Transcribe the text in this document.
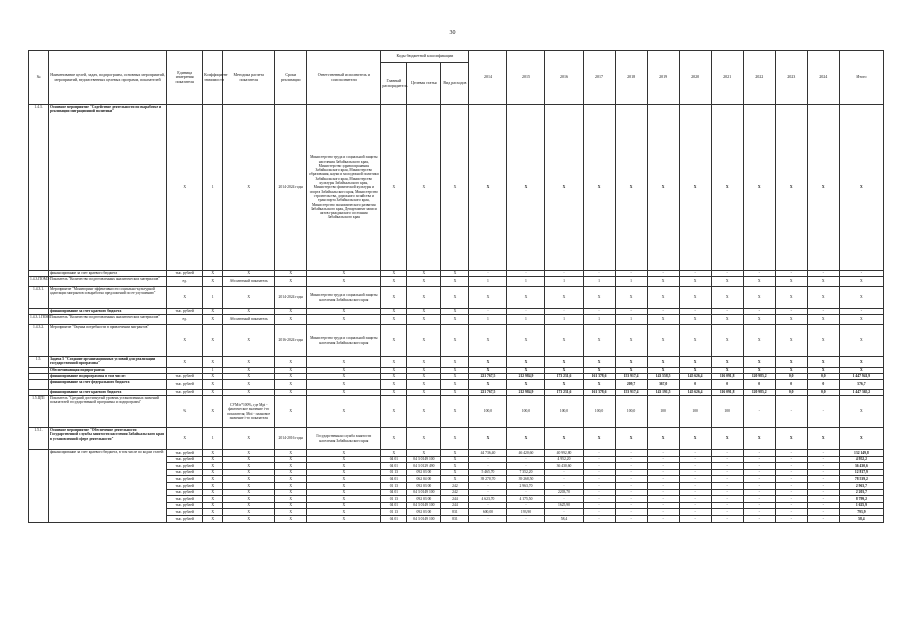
30
№	Наименование целей, задач, подпрограмм, основных мероприятий, мероприятий, ведомственных целевых программ, показателей	Единица измерения показателя	Коэффициент значимости	Методика расчета показателя	Сроки реализации	Ответственный исполнитель и соисполнители	Коды бюджетной классификации			2014	2015	2016	2017	2018	2019	2020	2021	2022	2023	2024	Итого
							Главный распорядитель	Целевая статья	Вид расходов												
1.4.3.	Основное мероприятие "Содействие деятельности по выработке и реализации миграционной политики"	X	1	X	2014-2024 годы	Министерство труда и социальной защиты населения Забайкальского края, Министерство здравоохранения Забайкальского края, Министерство образования, науки и молодежной политики Забайкальского края, Министерство культуры Забайкальского края, Министерство физической культуры и спорта Забайкальского края, Министерство строительства, дорожного хозяйства и транспорта Забайкальского края, Министерство экономического развития Забайкальского края, Департамент записи актов гражданского состояния Забайкальского края	X	X	X	X	X	X	X	X	X	X	X	X	X	X	X
	финансирование за счет краевого бюджета	тыс. рублей	X	X	X	X	X	X	X	-	-	-	-	-	-	-	-	-	-	-	-
1.4.3.ПОМЭ	Показатель "Количество подготовленных аналитических материалов"	ед.	X	Абсолютный показатель	X	X	X	X	X	1	1	1	1	1	X	X	X	X	X	X	X
1.4.3.1.	Мероприятие "Мониторинг эффективности социально-культурной адаптации мигрантов и выработка предложений по ее улучшению"	X	1	X	2014-2024 годы	Министерство труда и социальной защиты населения Забайкальского края	X	X	X	X	X	X	X	X	X	X	X	X	X	X	X
	финансирование за счет краевого бюджета	тыс. рублей	X	X	X	X	X	X	X	-	-	-	-	-	-	-	-	-	-	-	-
1.4.3.1.ПОМ	Показатель "Количество подготовленных аналитических материалов"	ед.	X	Абсолютный показатель	X	X	X	X	X	1	1	1	1	1	X	X	X	X	X	X	X
1.4.3.2.	Мероприятие "Оценка потребности в привлечении мигрантов"	X	X	X	2016-2024 годы	Министерство труда и социальной защиты населения Забайкальского края	X	X	X	X	X	X	X	X	X	X	X	X	X	X	X
1.5.	Задача 5 "Создание организационных условий для реализации государственной программы"	X	X	X	X	X	X	X	X	X	X	X	X	X	X	X	X	X	X	X	X
	Обеспечивающая подпрограмма		1	X	X	X	X	X	X	X	X	X	X	X	X	X	X	X	X	X	X
	финансирование подпрограммы в том числе:	тыс. рублей	X	X	X	X	X	X	X	221 767,5	212 984,9	173 231,6	161 378,6	153 917,4	143 558,5	145 626,4	116 091,8	120 985,2	0,0	0,0	1 447 941,9
	финансирование за счет федерального бюджета	тыс. рублей	X	X	X	X	X	X	X	X	X	X	X	209,7	367,0	0	0	0	0	0	576,7
	финансирование за счет краевого бюджета	тыс. рублей	X	X	X	X	X	X	X	221 767,5	212 984,9	173 231,6	161 378,6	153 917,4	143 191,5	145 626,4	116 091,8	120 985,2	0,0	0,0	1 447 365,2
1.5.ЦП1	Показатель "Средний достигнутый уровень установленных значений показателей государственной программы и подпрограмм"	%	X	СУМ/n*100%, где Мрi - фактическое значение i-го показателя; Мпi - плановое значение i-го показателя	X	X	X	X	X	100,0	100,0	100,0	100,0	100,0	100	100	100	-	-	-	X
1.5.1.	Основное мероприятие "Обеспечение деятельности Государственной службы занятости населения Забайкальского края в установленной сфере деятельности"	X	1	X	2014-2016 годы	Государственная служба занятости населения Забайкальского края	X	X	X	X	X	X	X	X	X	X	X	X	X	X	X
	финансирование за счет краевого бюджета, в том числе по кодам статей:	тыс. рублей	X	X	X	X	X	X	X	44 736,40	46 420,60	40 992,80	-	-	-	-	-	-	-	-	132 149,8
		тыс. рублей	X	X	X	X	04 01	04 3 0149 100	X	-	-	4 952,20	-	-	-	-	-	-	-	-	4 952,2
		тыс. рублей	X	X	X	X	04 01	04 3 0129 490	X	-	-	36 430,60	-	-	-	-	-	-	-	-	36 430,6
		тыс. рублей	X	X	X	X	01 13	092 03 00	X	5 465,70	7 352,20	-	-	-	-	-	-	-	-	-	12 817,9
		тыс. рублей	X	X	X	X	04 01	062 04 00	X	39 270,70	39 268,50	-	-	-	-	-	-	-	-	-	78 539,2
		тыс. рублей	X	X	X	X	01 13	092 03 00	242	-	2 963,70	-	-	-	-	-	-	-	-	-	2 963,7
		тыс. рублей	X	X	X	X	04 01	04 3 0149 100	242	-	-	2203,70	-	-	-	-	-	-	-	-	2 203,7
		тыс. рублей	X	X	X	X	01 13	092 03 00	244	4 623,70	4 175,50	-	-	-	-	-	-	-	-	-	8 799,2
		тыс. рублей	X	X	X	X	04 01	04 3 0149 100	244	-	-	1625,90	-	-	-	-	-	-	-	-	1 625,9
		тыс. рублей	X	X	X	X	01 13	092 03 00	831	600,00	193,90	-	-	-	-	-	-	-	-	-	793,9
		тыс. рублей	X	X	X	X	04 01	04 3 0149 100	831	-	-	58,4	-	-	-	-	-	-	-	-	58,4
